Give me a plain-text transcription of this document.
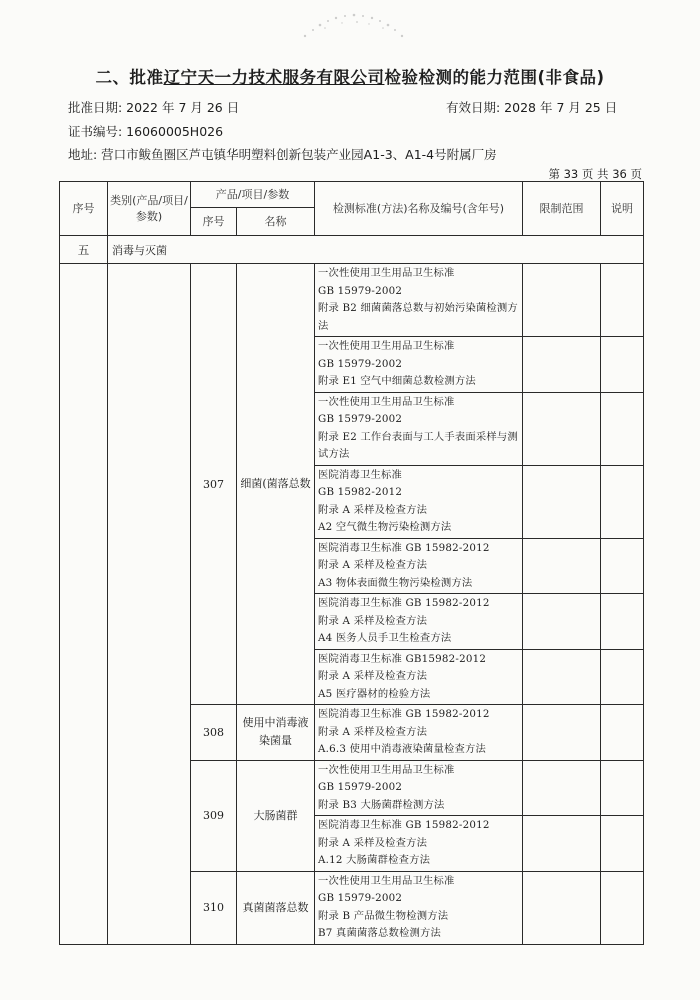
二、批准辽宁天一力技术服务有限公司检验检测的能力范围(非食品)
批准日期: 2022 年 7 月 26 日	有效日期: 2028 年 7 月 25 日
证书编号: 16060005H026
地址: 营口市鲅鱼圈区芦屯镇华明塑料创新包装产业园A1-3、A1-4号附属厂房
第 33 页 共 36 页
序号	类别(产品/项目/参数)	产品/项目/参数		检测标准(方法)名称及编号(含年号)	限制范围	说明
		序号	名称			
五	消毒与灭菌					
		307	细菌(菌落总数	一次性使用卫生用品卫生标准
GB 15979-2002
附录 B2 细菌菌落总数与初始污染菌检测方法		

				一次性使用卫生用品卫生标准
GB 15979-2002
附录 E1 空气中细菌总数检测方法		

				一次性使用卫生用品卫生标准
GB 15979-2002
附录 E2 工作台表面与工人手表面采样与测试方法		

				医院消毒卫生标准
GB 15982-2012
附录 A 采样及检查方法
A2 空气微生物污染检测方法		

				医院消毒卫生标准 GB 15982-2012
附录 A 采样及检查方法
A3 物体表面微生物污染检测方法		

				医院消毒卫生标准 GB 15982-2012
附录 A 采样及检查方法
A4 医务人员手卫生检查方法		

				医院消毒卫生标准 GB15982-2012
附录 A 采样及检查方法
A5 医疗器材的检验方法		

		308	使用中消毒液染菌量	医院消毒卫生标准 GB 15982-2012
附录 A 采样及检查方法
A.6.3 使用中消毒液染菌量检查方法		

		309	大肠菌群	一次性使用卫生用品卫生标准
GB 15979-2002
附录 B3 大肠菌群检测方法		

				医院消毒卫生标准 GB 15982-2012
附录 A 采样及检查方法
A.12 大肠菌群检查方法		

		310	真菌菌落总数	一次性使用卫生用品卫生标准
GB 15979-2002
附录 B 产品微生物检测方法
B7 真菌菌落总数检测方法		
